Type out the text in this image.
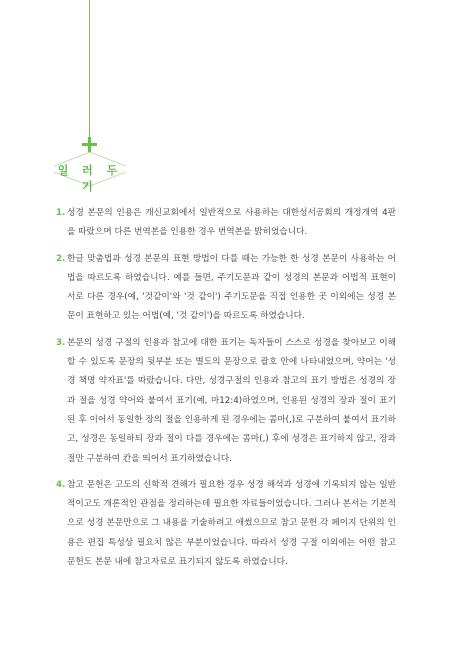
일 러 두 기
1. 성경 본문의 인용은 개신교회에서 일반적으로 사용하는 대한성서공회의 개정개역 4판을 따랐으며 다른 번역본을 인용한 경우 번역본을 밝히었습니다.
2. 한글 맞춤법과 성경 본문의 표현 방법이 다를 때는 가능한 한 성경 본문이 사용하는 어법을 따르도록 하였습니다. 예를 들면, 주기도문과 같이 성경의 본문과 어법적 표현이 서로 다른 경우(예, '것같이'와 '것 같이') 주기도문을 직접 인용한 곳 이외에는 성경 본문이 표현하고 있는 어법(예, '것 같이')을 따르도록 하였습니다.
3. 본문의 성경 구절의 인용과 참고에 대한 표기는 독자들이 스스로 성경을 찾아보고 이해할 수 있도록 문장의 뒷부분 또는 별도의 문장으로 괄호 안에 나타내었으며, 약어는 '성경 책명 약자표'를 따랐습니다. 다만, 성경구절의 인용과 참고의 표기 방법은 성경의 장과 절을 성경 약어와 붙여서 표기(예, 마12:4)하였으며, 인용된 성경의 장과 절이 표기된 후 이어서 동일한 장의 절을 인용하게 된 경우에는 콤마(,)로 구분하여 붙여서 표기하고, 성경은 동일하되 장과 절이 다를 경우에는 콤마(,) 후에 성경은 표기하지 않고, 장과 절만 구분하여 칸을 띄어서 표기하였습니다.
4. 참고 문헌은 고도의 신학적 견해가 필요한 경우 성경 해석과 성경에 기록되지 않는 일반적이고도 개론적인 관점을 정리하는데 필요한 자료들이었습니다. 그러나 본서는 기본적으로 성경 본문만으로 그 내용을 기술하려고 애썼으므로 참고 문헌 각 페이지 단위의 인용은 편집 특성상 필요치 않은 부분이었습니다. 따라서 성경 구절 이외에는 어떤 참고 문헌도 본문 내에 참고자료로 표기되지 않도록 하였습니다.
